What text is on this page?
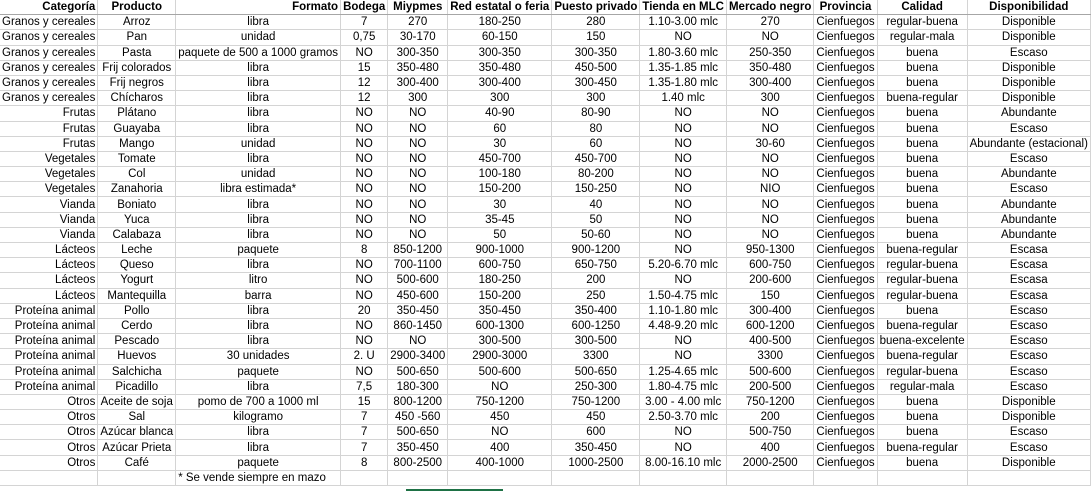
Categoría	Producto	Formato	Bodega	Miypmes	Red estatal o feria	Puesto privado	Tienda en MLC	Mercado negro	Provincia	Calidad	Disponibilidad
Granos y cereales	Arroz	libra	7	270	180-250	280	1.10-3.00 mlc	270	Cienfuegos	regular-buena	Disponible
Granos y cereales	Pan	unidad	0,75	30-170	60-150	150	NO	NO	Cienfuegos	regular-mala	Disponible
Granos y cereales	Pasta	paquete de 500 a 1000 gramos	NO	300-350	300-350	300-350	1.80-3.60 mlc	250-350	Cienfuegos	buena	Escaso
Granos y cereales	Frij colorados	libra	15	350-480	350-480	450-500	1.35-1.85 mlc	350-480	Cienfuegos	buena	Disponible
Granos y cereales	Frij negros	libra	12	300-400	300-400	300-450	1.35-1.80 mlc	300-400	Cienfuegos	buena	Disponible
Granos y cereales	Chícharos	libra	12	300	300	300	1.40 mlc	300	Cienfuegos	buena-regular	Disponible
Frutas	Plátano	libra	NO	NO	40-90	80-90	NO	NO	Cienfuegos	buena	Abundante
Frutas	Guayaba	libra	NO	NO	60	80	NO	NO	Cienfuegos	buena	Escaso
Frutas	Mango	unidad	NO	NO	30	60	NO	30-60	Cienfuegos	buena	Abundante (estacional)
Vegetales	Tomate	libra	NO	NO	450-700	450-700	NO	NO	Cienfuegos	buena	Escaso
Vegetales	Col	unidad	NO	NO	100-180	80-200	NO	NO	Cienfuegos	buena	Abundante
Vegetales	Zanahoria	libra estimada*	NO	NO	150-200	150-250	NO	NIO	Cienfuegos	buena	Escaso
Vianda	Boniato	libra	NO	NO	30	40	NO	NO	Cienfuegos	buena	Abundante
Vianda	Yuca	libra	NO	NO	35-45	50	NO	NO	Cienfuegos	buena	Abundante
Vianda	Calabaza	libra	NO	NO	50	50-60	NO	NO	Cienfuegos	buena	Abundante
Lácteos	Leche	paquete	8	850-1200	900-1000	900-1200	NO	950-1300	Cienfuegos	buena-regular	Escasa
Lácteos	Queso	libra	NO	700-1100	600-750	650-750	5.20-6.70 mlc	600-750	Cienfuegos	regular-buena	Escasa
Lácteos	Yogurt	litro	NO	500-600	180-250	200	NO	200-600	Cienfuegos	regular-buena	Escasa
Lácteos	Mantequilla	barra	NO	450-600	150-200	250	1.50-4.75 mlc	150	Cienfuegos	regular-buena	Escasa
Proteína animal	Pollo	libra	20	350-450	350-450	350-400	1.10-1.80 mlc	300-400	Cienfuegos	buena	Escaso
Proteína animal	Cerdo	libra	NO	860-1450	600-1300	600-1250	4.48-9.20 mlc	600-1200	Cienfuegos	buena-regular	Escaso
Proteína animal	Pescado	libra	NO	NO	300-500	300-500	NO	400-500	Cienfuegos	buena-excelente	Escaso
Proteína animal	Huevos	30 unidades	2. U	2900-3400	2900-3000	3300	NO	3300	Cienfuegos	buena-regular	Escaso
Proteína animal	Salchicha	paquete	NO	500-650	500-600	500-650	1.25-4.65 mlc	500-600	Cienfuegos	regular-buena	Escaso
Proteína animal	Picadillo	libra	7,5	180-300	NO	250-300	1.80-4.75 mlc	200-500	Cienfuegos	regular-mala	Escaso
Otros	Aceite de soja	pomo de 700 a 1000 ml	15	800-1200	750-1200	750-1200	3.00 - 4.00 mlc	750-1200	Cienfuegos	buena	Disponible
Otros	Sal	kilogramo	7	450 -560	450	450	2.50-3.70 mlc	200	Cienfuegos	buena	Disponible
Otros	Azúcar blanca	libra	7	500-650	NO	600	NO	500-750	Cienfuegos	buena	Escaso
Otros	Azúcar Prieta	libra	7	350-450	400	350-450	NO	400	Cienfuegos	buena-regular	Escaso
Otros	Café	paquete	8	800-2500	400-1000	1000-2500	8.00-16.10 mlc	2000-2500	Cienfuegos	buena	Disponible
		* Se vende siempre en mazo									
